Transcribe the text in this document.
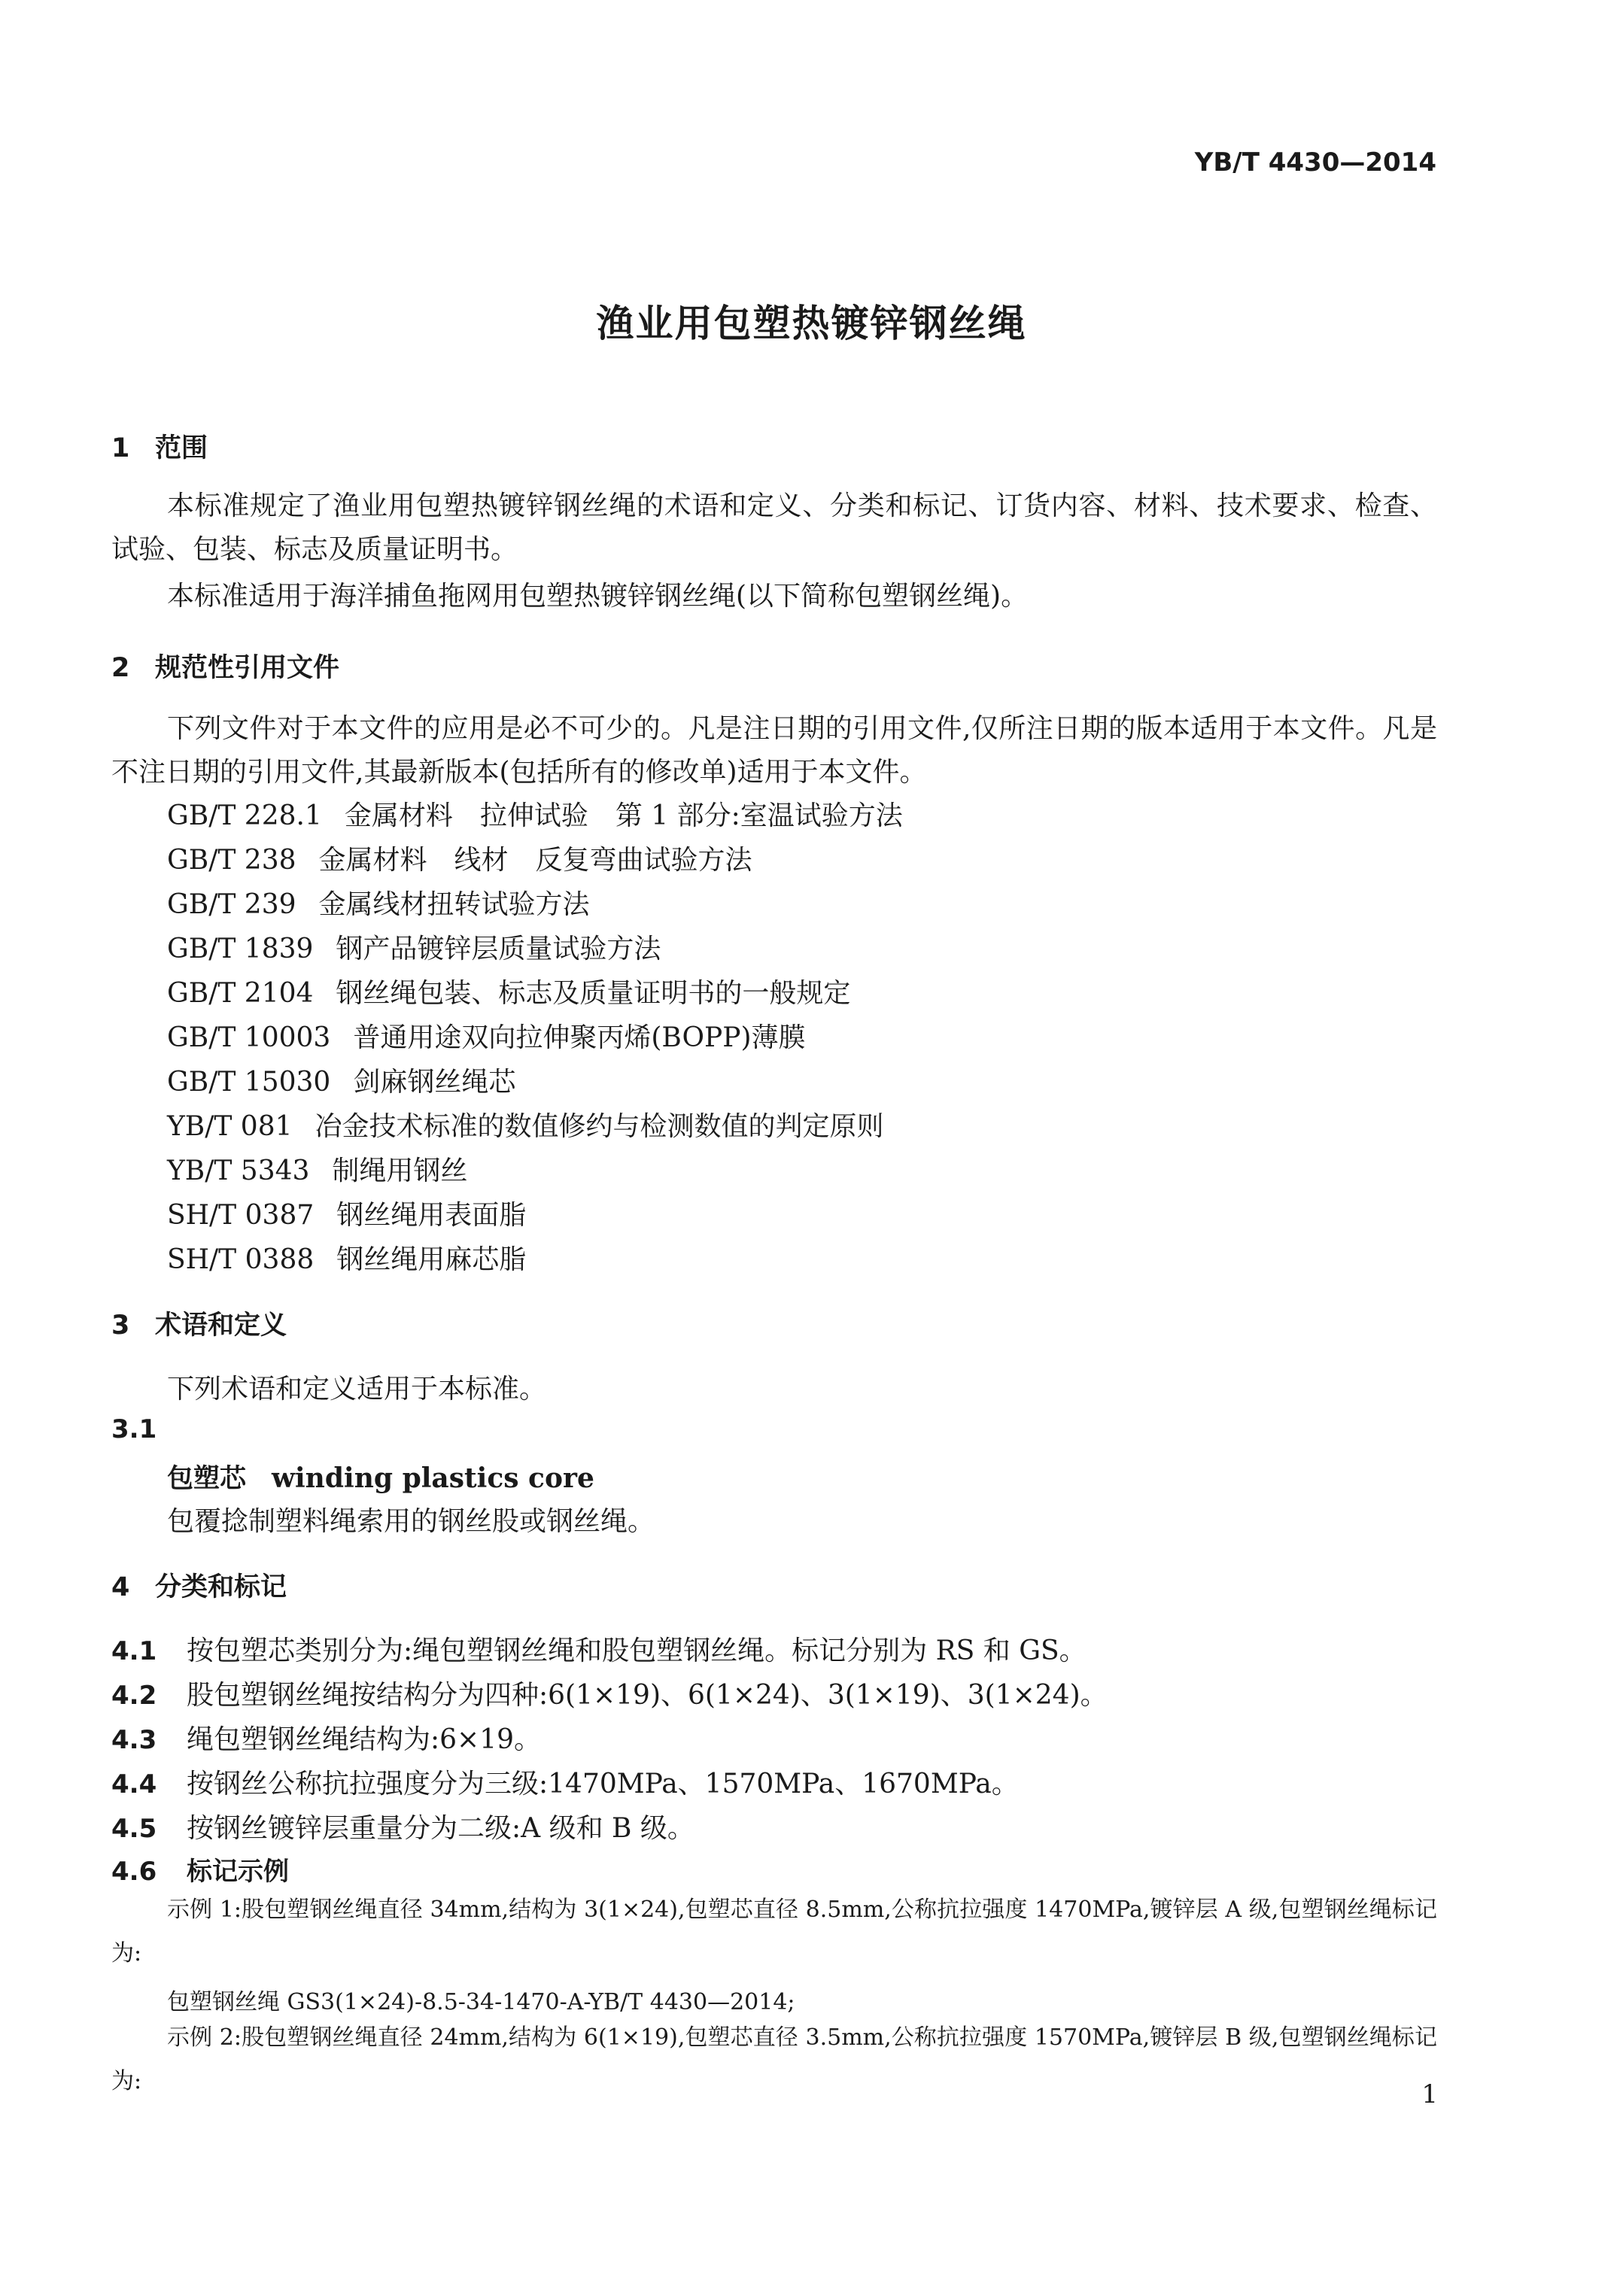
YB/T 4430—2014
渔业用包塑热镀锌钢丝绳
1 范围
本标准规定了渔业用包塑热镀锌钢丝绳的术语和定义、分类和标记、订货内容、材料、技术要求、检查、试验、包装、标志及质量证明书。
本标准适用于海洋捕鱼拖网用包塑热镀锌钢丝绳(以下简称包塑钢丝绳)。
2 规范性引用文件
下列文件对于本文件的应用是必不可少的。凡是注日期的引用文件,仅所注日期的版本适用于本文件。凡是不注日期的引用文件,其最新版本(包括所有的修改单)适用于本文件。
GB/T 228.1 金属材料　拉伸试验　第 1 部分:室温试验方法
GB/T 238 金属材料　线材　反复弯曲试验方法
GB/T 239 金属线材扭转试验方法
GB/T 1839 钢产品镀锌层质量试验方法
GB/T 2104 钢丝绳包装、标志及质量证明书的一般规定
GB/T 10003 普通用途双向拉伸聚丙烯(BOPP)薄膜
GB/T 15030 剑麻钢丝绳芯
YB/T 081 冶金技术标准的数值修约与检测数值的判定原则
YB/T 5343 制绳用钢丝
SH/T 0387 钢丝绳用表面脂
SH/T 0388 钢丝绳用麻芯脂
3 术语和定义
下列术语和定义适用于本标准。
3.1
包塑芯 winding plastics core
包覆捻制塑料绳索用的钢丝股或钢丝绳。
4 分类和标记
4.1 按包塑芯类别分为:绳包塑钢丝绳和股包塑钢丝绳。标记分别为 RS 和 GS。
4.2 股包塑钢丝绳按结构分为四种:6(1×19)、6(1×24)、3(1×19)、3(1×24)。
4.3 绳包塑钢丝绳结构为:6×19。
4.4 按钢丝公称抗拉强度分为三级:1470MPa、1570MPa、1670MPa。
4.5 按钢丝镀锌层重量分为二级:A 级和 B 级。
4.6 标记示例
示例 1:股包塑钢丝绳直径 34mm,结构为 3(1×24),包塑芯直径 8.5mm,公称抗拉强度 1470MPa,镀锌层 A 级,包塑钢丝绳标记为:
包塑钢丝绳 GS3(1×24)-8.5-34-1470-A-YB/T 4430—2014;
示例 2:股包塑钢丝绳直径 24mm,结构为 6(1×19),包塑芯直径 3.5mm,公称抗拉强度 1570MPa,镀锌层 B 级,包塑钢丝绳标记为:	1
